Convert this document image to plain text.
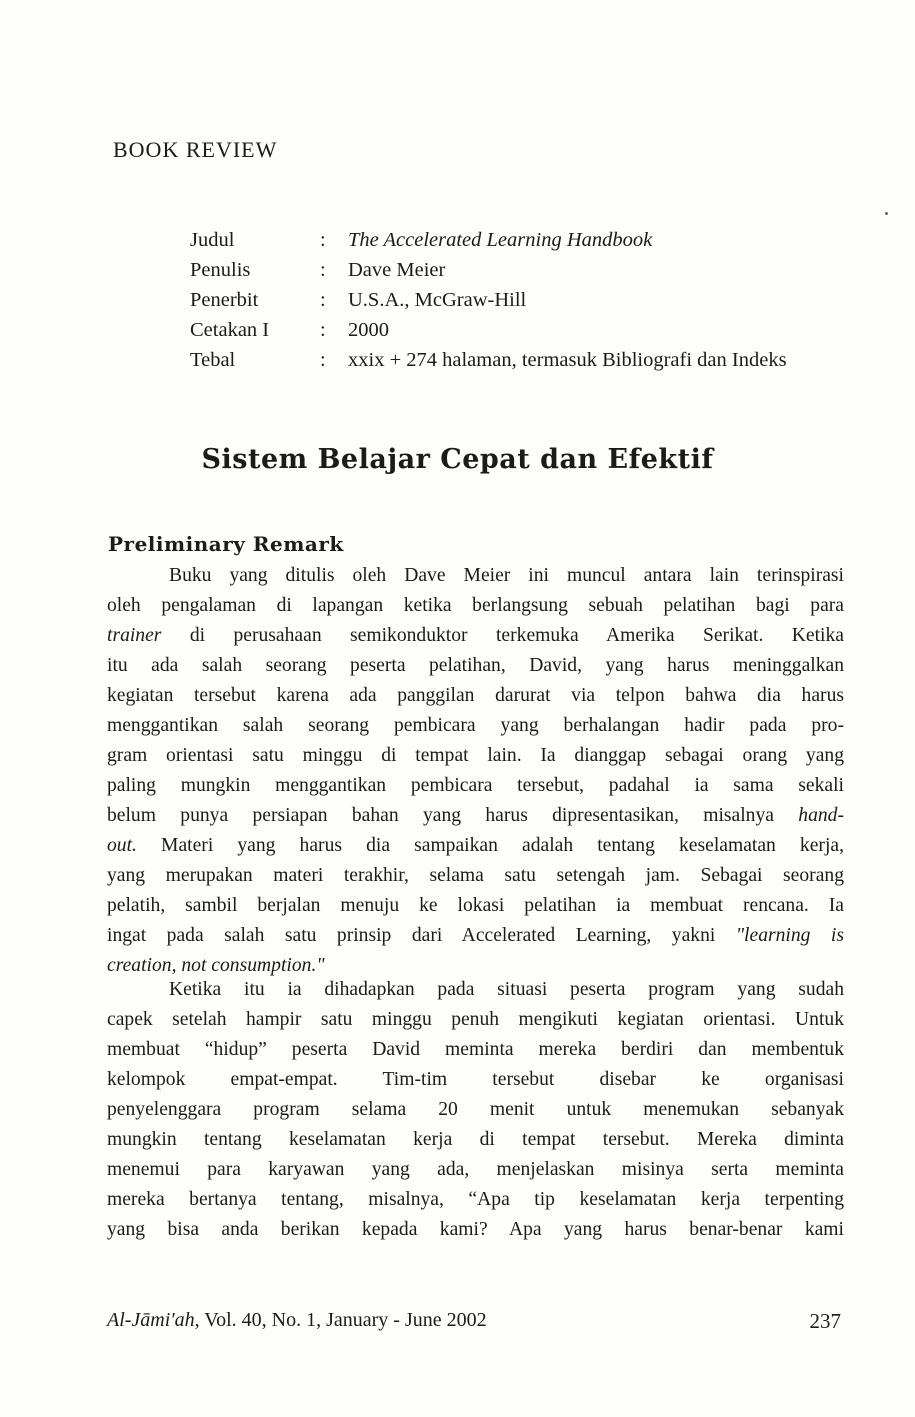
BOOK REVIEW
Judul	:	The Accelerated Learning Handbook
Penulis	:	Dave Meier
Penerbit	:	U.S.A., McGraw-Hill
Cetakan I	:	2000
Tebal	:	xxix + 274 halaman, termasuk Bibliografi dan Indeks
Sistem Belajar Cepat dan Efektif
Preliminary Remark
Buku yang ditulis oleh Dave Meier ini muncul antara lain terinspirasi
oleh pengalaman di lapangan ketika berlangsung sebuah pelatihan bagi para
trainer di perusahaan semikonduktor terkemuka Amerika Serikat. Ketika
itu ada salah seorang peserta pelatihan, David, yang harus meninggalkan
kegiatan tersebut karena ada panggilan darurat via telpon bahwa dia harus
menggantikan salah seorang pembicara yang berhalangan hadir pada pro-
gram orientasi satu minggu di tempat lain. Ia dianggap sebagai orang yang
paling mungkin menggantikan pembicara tersebut, padahal ia sama sekali
belum punya persiapan bahan yang harus dipresentasikan, misalnya hand-
out. Materi yang harus dia sampaikan adalah tentang keselamatan kerja,
yang merupakan materi terakhir, selama satu setengah jam. Sebagai seorang
pelatih, sambil berjalan menuju ke lokasi pelatihan ia membuat rencana. Ia
ingat pada salah satu prinsip dari Accelerated Learning, yakni "learning is
creation, not consumption."
Ketika itu ia dihadapkan pada situasi peserta program yang sudah
capek setelah hampir satu minggu penuh mengikuti kegiatan orientasi. Untuk
membuat “hidup” peserta David meminta mereka berdiri dan membentuk
kelompok empat-empat. Tim-tim tersebut disebar ke organisasi
penyelenggara program selama 20 menit untuk menemukan sebanyak
mungkin tentang keselamatan kerja di tempat tersebut. Mereka diminta
menemui para karyawan yang ada, menjelaskan misinya serta meminta
mereka bertanya tentang, misalnya, “Apa tip keselamatan kerja terpenting
yang bisa anda berikan kepada kami? Apa yang harus benar-benar kami
Al-Jāmi'ah, Vol. 40, No. 1, January - June 2002	237
